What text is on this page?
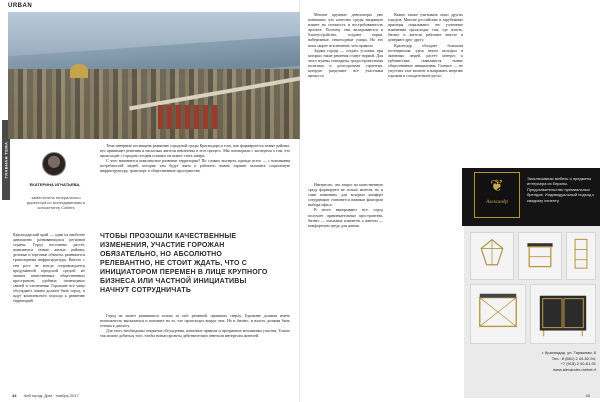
URBAN
ГЛАВНАЯ ТЕМА
ЕКАТЕРИНА ИГНАТЬЕВА,
заместитель генерального директора по исследованиям и консалтингу Colliers
Краснодарский край — один из наиболее динамично развивающихся регионов страны. Город постоянно растёт, появляются новые жилые районы, деловые и торговые объекты, развивается транспортная инфраструктура. Вместе с тем рост не всегда сопровождается продуманной городской средой: не хватает качественных общественных пространств, удобных пешеходных связей и озеленения. Горожане всё чаще обсуждают, каким должен быть город, и ждут комплексного подхода к развитию территорий.

Тема интервью посвящена развитию городской среды Краснодара и того, как формируются новые районы, кто принимает решения и насколько жители вовлечены в этот процесс. Мы поговорили с экспертом о том, что происходит с городом сегодня и каким он может стать завтра.

С чего начинается комплексное развитие территории? По словам эксперта, прежде всего — с понимания потребностей людей, которые там будут жить и работать: важно заранее заложить социальную инфраструктуру, транспорт и общественные пространства.

ЧТОБЫ ПРОЗОШЛИ КАЧЕСТВЕННЫЕ ИЗМЕНЕНИЯ, УЧАСТИЕ ГОРОЖАН ОБЯЗАТЕЛЬНО, НО АБСОЛЮТНО РЕЛЕВАНТНО, НЕ СТОИТ ЖДАТЬ, ЧТО С ИНИЦИАТОРОМ ПЕРЕМЕН В ЛИЦЕ КРУПНОГО БИЗНЕСА ИЛИ ЧАСТНОЙ ИНИЦИАТИВЫ НАЧНУТ СОТРУДНИЧАТЬ

Город не может развиваться только за счёт решений, принятых сверху. Горожане должны иметь возможность высказаться и повлиять на то, что происходит вокруг них. Но и бизнес, и власть должны быть готовы к диалогу.

Для этого необходимы открытые обсуждения, понятные правила и прозрачные механизмы участия. Только так можно добиться того, чтобы новые проекты действительно отвечали интересам жителей.

44 Чей город: Дом · ноябрь 2017

Многие крупные девелоперы уже понимают, что качество среды напрямую влияет на стоимость и востребованность проекта. Поэтому они вкладываются в благоустройство, создают парки, набережные, пешеходные улицы. Но это пока скорее исключение, чем правило.

Задача города — создать условия, при которых такие решения станут нормой. Для этого нужны стандарты, градостроительная политика и долгосрочная стратегия, которую разделяют все участники процесса.

Важно также учитывать опыт других городов. Многие российские и зарубежные примеры показывают, что успешные изменения происходят там, где власть, бизнес и жители работают вместе и доверяют друг другу.

Краснодар обладает большим потенциалом: здесь много молодых и активных людей, растёт интерес к урбанистике, появляются новые общественные инициативы. Главное — не упустить этот момент и направить энергию горожан в созидательное русло.

Интересно, что запрос на качественную среду формируют не только жители, но и сами компании, для которых комфорт сотрудников становится важным фактором выбора офиса.

В итоге выигрывают все: город получает привлекательные пространства, бизнес — лояльных клиентов, а жители — комфортную среду для жизни.

❦
Александр
Эксклюзивная мебель и предметы интерьера из Европы. Представительство премиальных брендов. Индивидуальный подход к каждому клиенту.
г. Краснодар, ул. Гаражная, 8
Тел.: 8 (861) 2 44-52-94;
+7 (918) 2 00-61-91
www.alexander-mebel.rf
45
